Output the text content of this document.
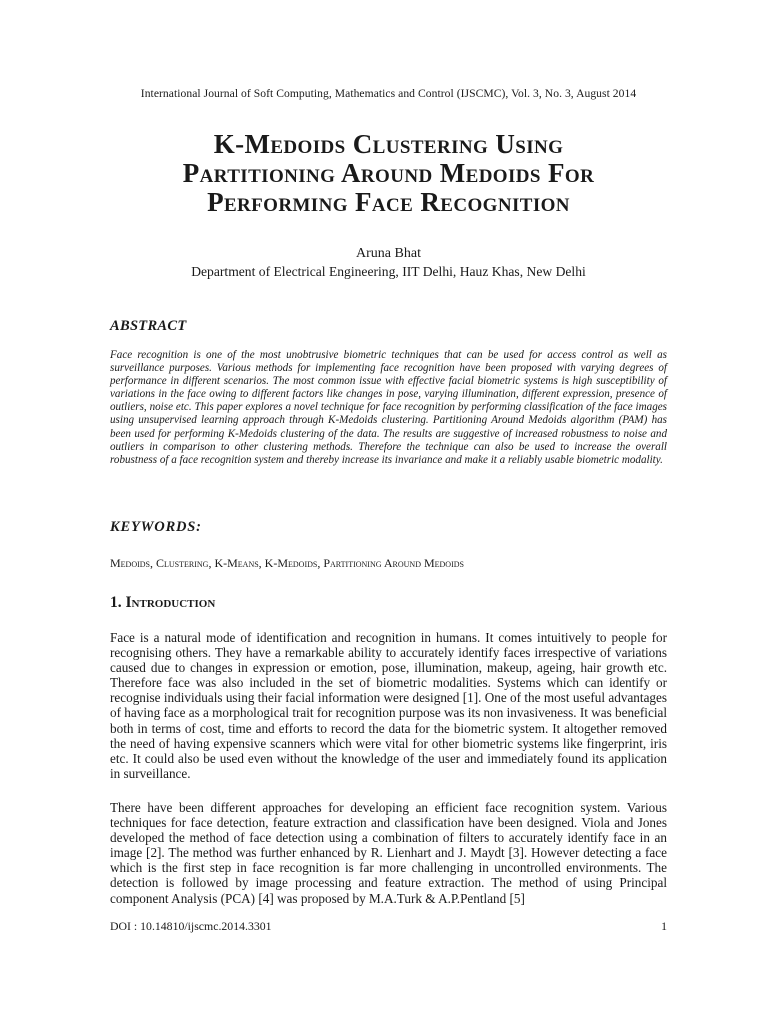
International Journal of Soft Computing, Mathematics and Control (IJSCMC), Vol. 3, No. 3, August 2014
K-Medoids Clustering Using
Partitioning Around Medoids For
Performing Face Recognition
Aruna Bhat
Department of Electrical Engineering, IIT Delhi, Hauz Khas, New Delhi
ABSTRACT
Face recognition is one of the most unobtrusive biometric techniques that can be used for access control as well as surveillance purposes. Various methods for implementing face recognition have been proposed with varying degrees of performance in different scenarios. The most common issue with effective facial biometric systems is high susceptibility of variations in the face owing to different factors like changes in pose, varying illumination, different expression, presence of outliers, noise etc. This paper explores a novel technique for face recognition by performing classification of the face images using unsupervised learning approach through K-Medoids clustering. Partitioning Around Medoids algorithm (PAM) has been used for performing K-Medoids clustering of the data. The results are suggestive of increased robustness to noise and outliers in comparison to other clustering methods. Therefore the technique can also be used to increase the overall robustness of a face recognition system and thereby increase its invariance and make it a reliably usable biometric modality.
KEYWORDS:
Medoids, Clustering, K-Means, K-Medoids, Partitioning Around Medoids
1. Introduction
Face is a natural mode of identification and recognition in humans. It comes intuitively to people for recognising others. They have a remarkable ability to accurately identify faces irrespective of variations caused due to changes in expression or emotion, pose, illumination, makeup, ageing, hair growth etc. Therefore face was also included in the set of biometric modalities. Systems which can identify or recognise individuals using their facial information were designed [1]. One of the most useful advantages of having face as a morphological trait for recognition purpose was its non invasiveness. It was beneficial both in terms of cost, time and efforts to record the data for the biometric system. It altogether removed the need of having expensive scanners which were vital for other biometric systems like fingerprint, iris etc. It could also be used even without the knowledge of the user and immediately found its application in surveillance.
There have been different approaches for developing an efficient face recognition system. Various techniques for face detection, feature extraction and classification have been designed. Viola and Jones developed the method of face detection using a combination of filters to accurately identify face in an image [2]. The method was further enhanced by R. Lienhart and J. Maydt [3]. However detecting a face which is the first step in face recognition is far more challenging in uncontrolled environments. The detection is followed by image processing and feature extraction. The method of using Principal component Analysis (PCA) [4] was proposed by M.A.Turk & A.P.Pentland [5]
DOI : 10.14810/ijscmc.2014.3301	1
